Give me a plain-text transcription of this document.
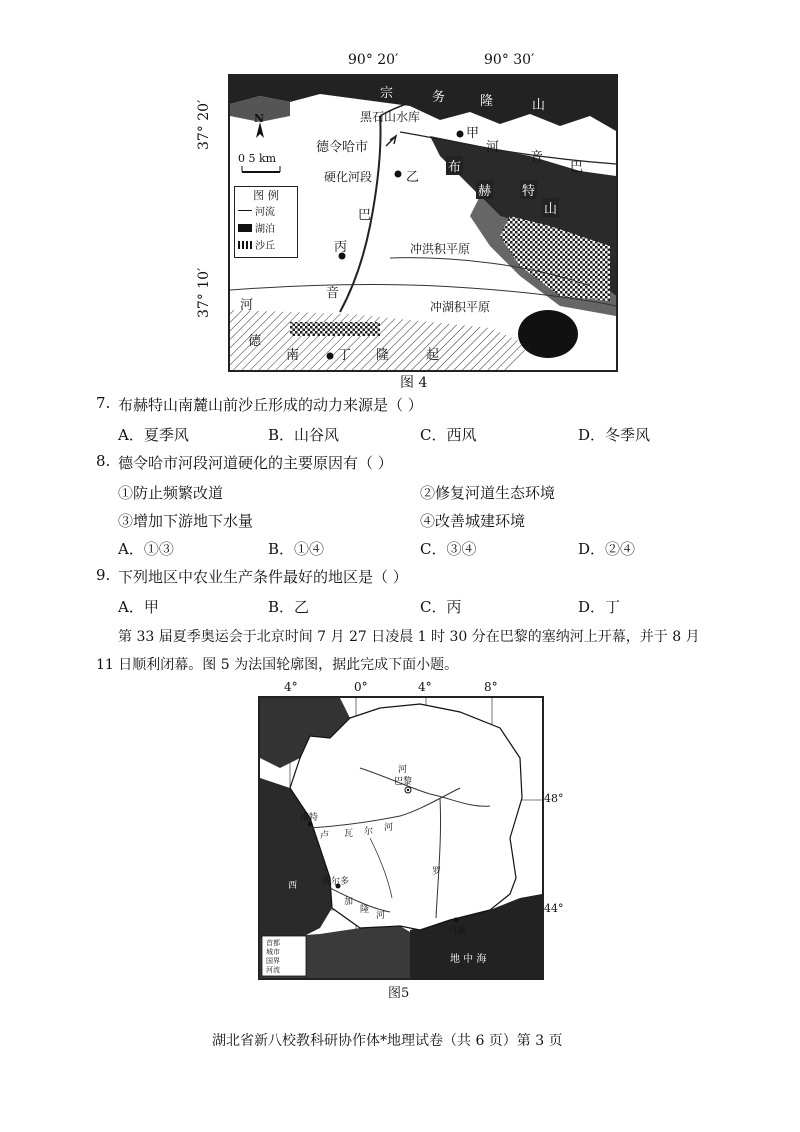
90° 20′	90° 30′
37° 20′
37° 10′
宗	务	隆	山
黑石山水库
甲
德令哈市
硬化河段	乙
丙
河
音
巴
布
赫 特
山
巴
音
河
冲洪积平原
冲湖积平原
德
南	丁 隆	起
N
0 5 km
图 例
河流
湖泊
沙丘
图 4
7. 布赫特山南麓山前沙丘形成的动力来源是（ ）
A．夏季风	B．山谷风	C．西风	D．冬季风
8. 德令哈市河段河道硬化的主要原因有（ ）
①防止频繁改道	②修复河道生态环境
③增加下游地下水量	④改善城建环境
A．①③	B．①④	C．③④	D．②④
9. 下列地区中农业生产条件最好的地区是（ ）
A．甲	B．乙	C．丙	D．丁
第 33 届夏季奥运会于北京时间 7 月 27 日凌晨 1 时 30 分在巴黎的塞纳河上开幕，并于 8 月
11 日顺利闭幕。图 5 为法国轮廓图，据此完成下面小题。
4°	0°	4°	8°
48°
44°
巴黎
南特
波尔多
马赛
河
卢 瓦 尔 河
罗
加
隆
河
西
地 中 海
首都
城市
国界
河流
图5
湖北省新八校教科研协作体*地理试卷（共 6 页）第 3 页
